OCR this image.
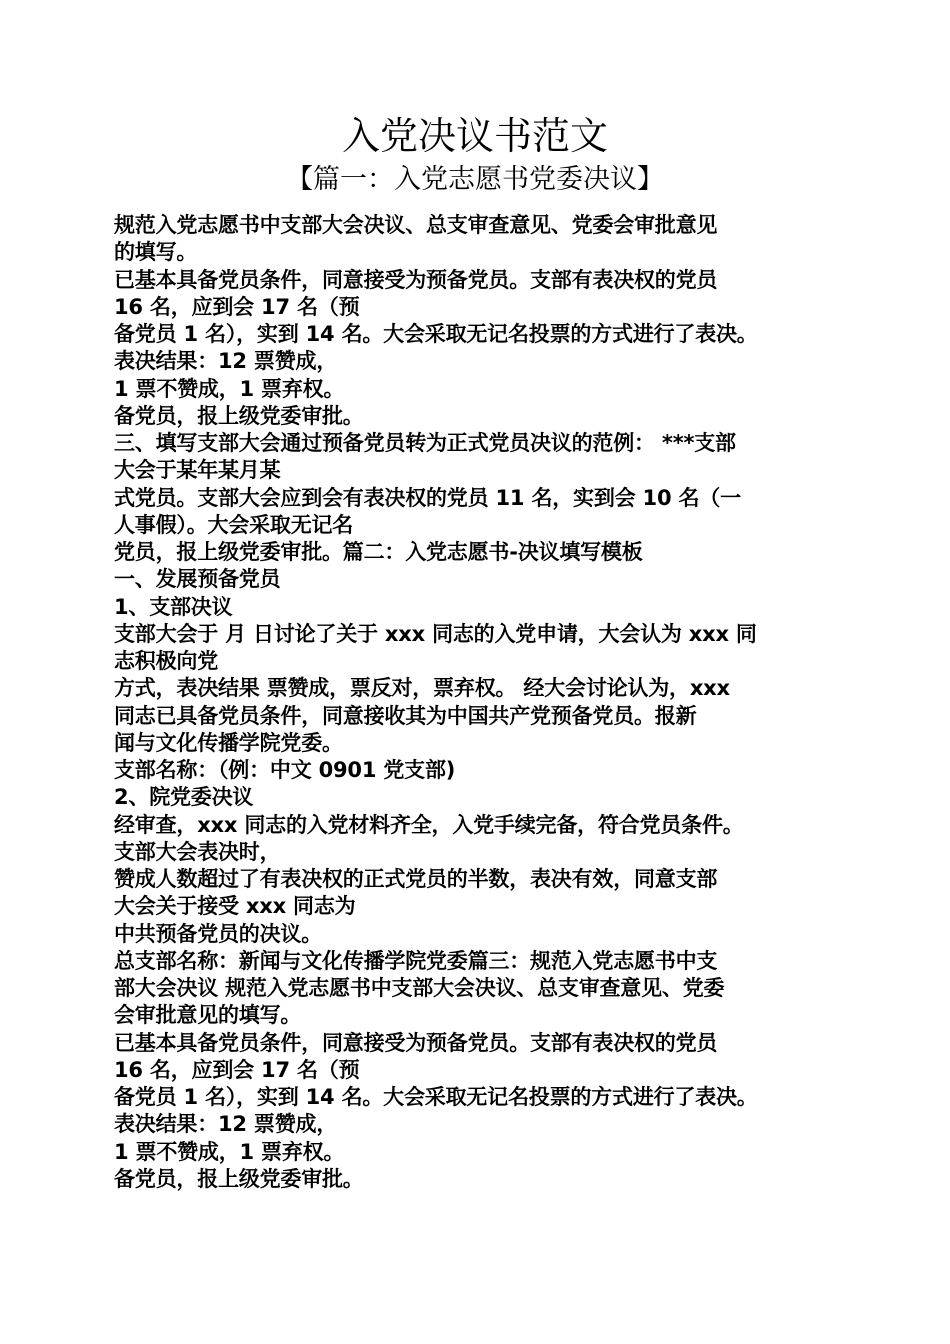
入党决议书范文
【篇一：入党志愿书党委决议】
规范入党志愿书中支部大会决议、总支审查意见、党委会审批意见
的填写。
已基本具备党员条件，同意接受为预备党员。支部有表决权的党员
16 名，应到会 17 名（预
备党员 1 名），实到 14 名。大会采取无记名投票的方式进行了表决。
表决结果：12 票赞成，
1 票不赞成，1 票弃权。
备党员，报上级党委审批。
三、填写支部大会通过预备党员转为正式党员决议的范例： ***支部
大会于某年某月某
式党员。支部大会应到会有表决权的党员 11 名，实到会 10 名（一
人事假）。大会采取无记名
党员，报上级党委审批。篇二：入党志愿书-决议填写模板
一、发展预备党员
1、支部决议
支部大会于 月 日讨论了关于 xxx 同志的入党申请，大会认为 xxx 同
志积极向党
方式，表决结果 票赞成，票反对，票弃权。 经大会讨论认为，xxx
同志已具备党员条件，同意接收其为中国共产党预备党员。报新
闻与文化传播学院党委。
支部名称：（例：中文 0901 党支部)
2、院党委决议
经审查，xxx 同志的入党材料齐全，入党手续完备，符合党员条件。
支部大会表决时，
赞成人数超过了有表决权的正式党员的半数，表决有效，同意支部
大会关于接受 xxx 同志为
中共预备党员的决议。
总支部名称：新闻与文化传播学院党委篇三：规范入党志愿书中支
部大会决议 规范入党志愿书中支部大会决议、总支审查意见、党委
会审批意见的填写。
已基本具备党员条件，同意接受为预备党员。支部有表决权的党员
16 名，应到会 17 名（预
备党员 1 名），实到 14 名。大会采取无记名投票的方式进行了表决。
表决结果：12 票赞成，
1 票不赞成，1 票弃权。
备党员，报上级党委审批。
